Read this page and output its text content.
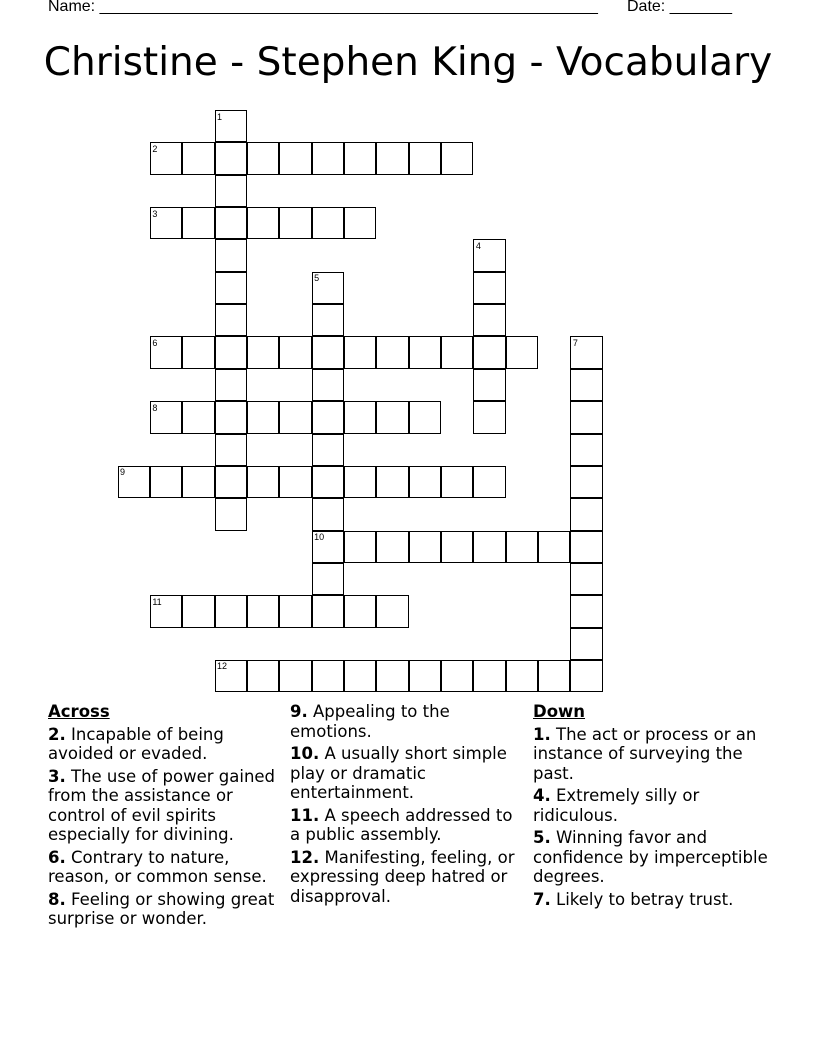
Name: ________________________________________________________ Date: _______
Christine - Stephen King - Vocabulary
1
2
3
4
5
6	7
8
9
10
11
12
Across
2. Incapable of being avoided or evaded.
3. The use of power gained from the assistance or control of evil spirits especially for divining.
6. Contrary to nature, reason, or common sense.
8. Feeling or showing great surprise or wonder.
9. Appealing to the emotions.
10. A usually short simple play or dramatic entertainment.
11. A speech addressed to a public assembly.
12. Manifesting, feeling, or expressing deep hatred or disapproval.
Down
1. The act or process or an instance of surveying the past.
4. Extremely silly or ridiculous.
5. Winning favor and confidence by imperceptible degrees.
7. Likely to betray trust.
